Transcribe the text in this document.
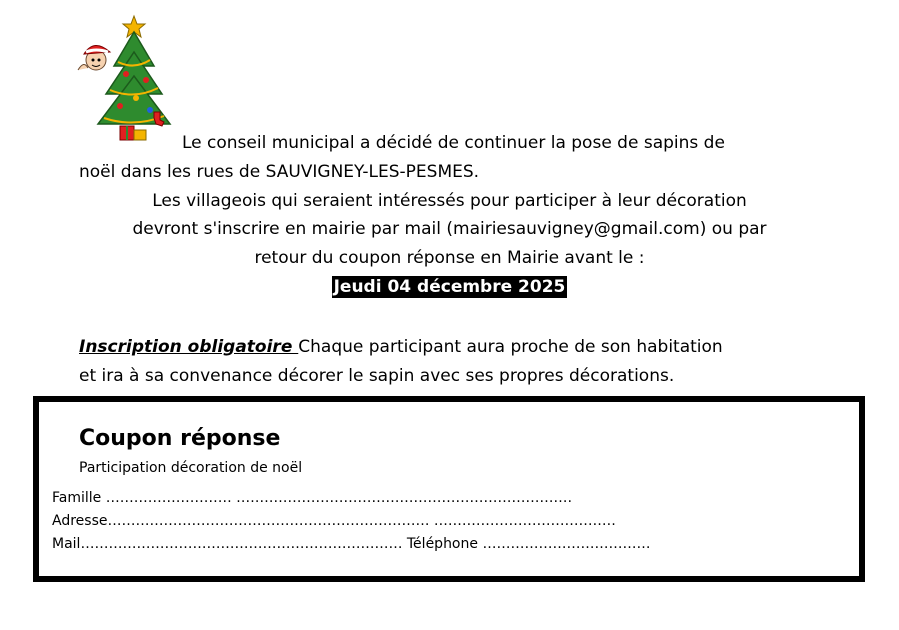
Le conseil municipal a décidé de continuer la pose de sapins de
noël dans les rues de SAUVIGNEY-LES-PESMES.
Les villageois qui seraient intéressés pour participer à leur décoration
devront s'inscrire en mairie par mail (mairiesauvigney@gmail.com) ou par
retour du coupon réponse en Mairie avant le :
Jeudi 04 décembre 2025
Inscription obligatoire Chaque participant aura proche de son habitation
et ira à sa convenance décorer le sapin avec ses propres décorations.
Coupon réponse
Participation décoration de noël
Famille ……………………… ………………………………………………………………
Adresse…………………………………………………………… …………………………………
Mail…………………………………………………………… Téléphone ………………………………
